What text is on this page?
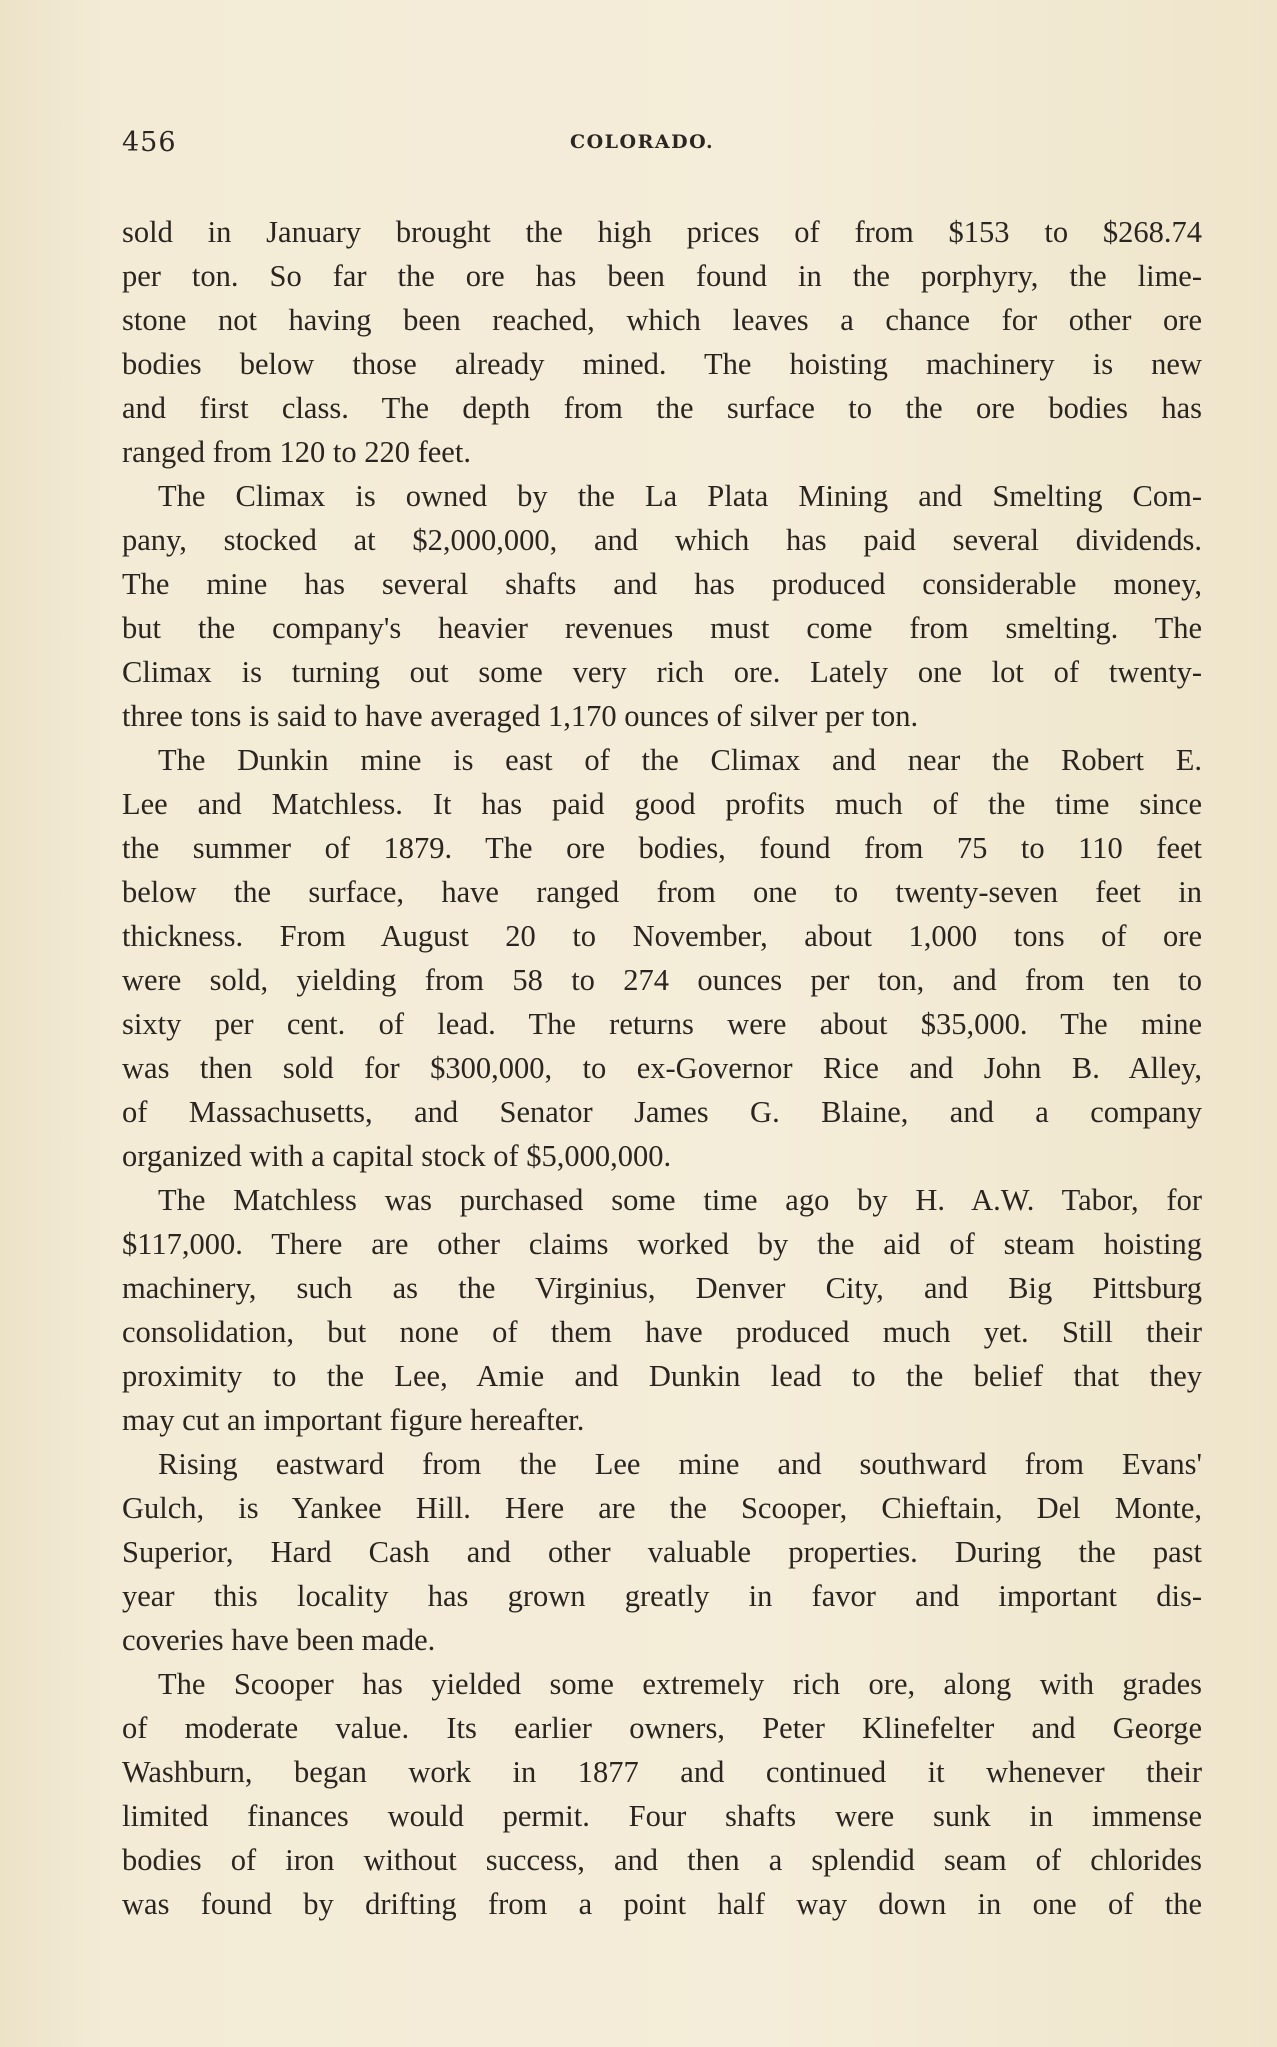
456	COLORADO.
sold in January brought the high prices of from $153 to $268.74
per ton. So far the ore has been found in the porphyry, the lime-
stone not having been reached, which leaves a chance for other ore
bodies below those already mined. The hoisting machinery is new
and first class. The depth from the surface to the ore bodies has
ranged from 120 to 220 feet.
The Climax is owned by the La Plata Mining and Smelting Com-
pany, stocked at $2,000,000, and which has paid several dividends.
The mine has several shafts and has produced considerable money,
but the company's heavier revenues must come from smelting. The
Climax is turning out some very rich ore. Lately one lot of twenty-
three tons is said to have averaged 1,170 ounces of silver per ton.
The Dunkin mine is east of the Climax and near the Robert E.
Lee and Matchless. It has paid good profits much of the time since
the summer of 1879. The ore bodies, found from 75 to 110 feet
below the surface, have ranged from one to twenty-seven feet in
thickness. From August 20 to November, about 1,000 tons of ore
were sold, yielding from 58 to 274 ounces per ton, and from ten to
sixty per cent. of lead. The returns were about $35,000. The mine
was then sold for $300,000, to ex-Governor Rice and John B. Alley,
of Massachusetts, and Senator James G. Blaine, and a company
organized with a capital stock of $5,000,000.
The Matchless was purchased some time ago by H. A.W. Tabor, for
$117,000. There are other claims worked by the aid of steam hoisting
machinery, such as the Virginius, Denver City, and Big Pittsburg
consolidation, but none of them have produced much yet. Still their
proximity to the Lee, Amie and Dunkin lead to the belief that they
may cut an important figure hereafter.
Rising eastward from the Lee mine and southward from Evans'
Gulch, is Yankee Hill. Here are the Scooper, Chieftain, Del Monte,
Superior, Hard Cash and other valuable properties. During the past
year this locality has grown greatly in favor and important dis-
coveries have been made.
The Scooper has yielded some extremely rich ore, along with grades
of moderate value. Its earlier owners, Peter Klinefelter and George
Washburn, began work in 1877 and continued it whenever their
limited finances would permit. Four shafts were sunk in immense
bodies of iron without success, and then a splendid seam of chlorides
was found by drifting from a point half way down in one of the
